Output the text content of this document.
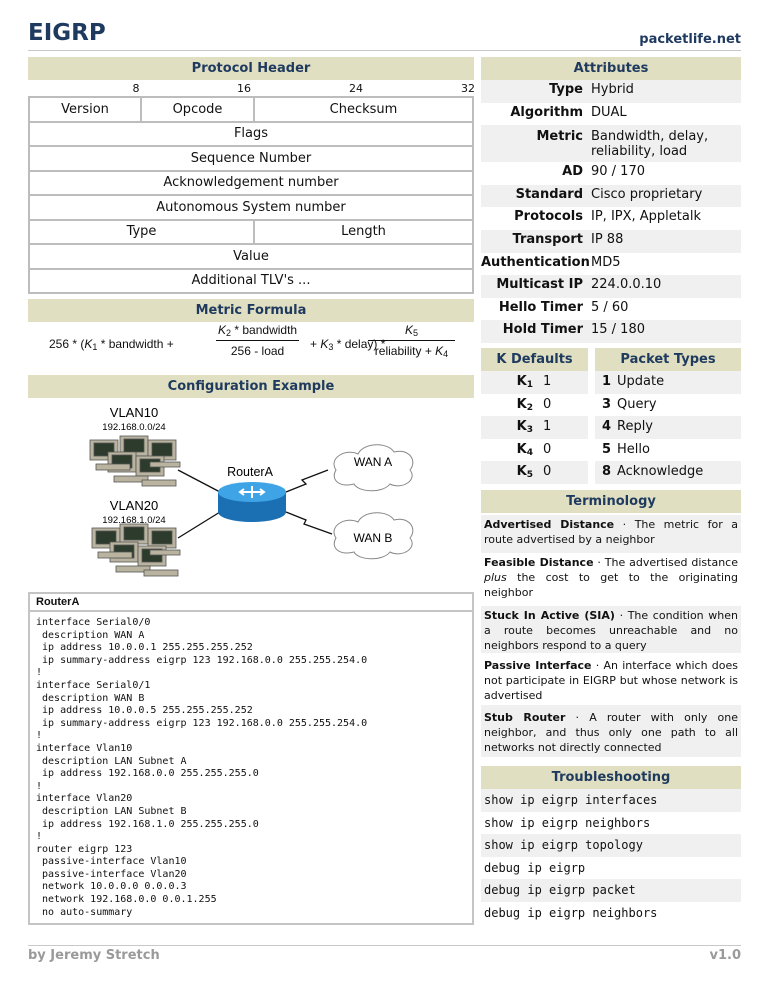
EIGRP	packetlife.net
Protocol Header
8	16	24	32
Version	Opcode	Checksum
Flags		
Sequence Number		
Acknowledgement number		
Autonomous System number		
Type		Length
Value		
Additional TLV's ...		
Metric Formula
$256 * (K_1$ * bandwidth +
$K_2$ * bandwidth
256 - load	+ $K_3$ * delay) *
$K_5$
reliability + $K_4$
Configuration Example
VLAN10
192.168.0.0/24
VLAN20
192.168.1.0/24
RouterA
WAN A
WAN B
RouterA
interface Serial0/0
description WAN A
ip address 10.0.0.1 255.255.255.252
ip summary-address eigrp 123 192.168.0.0 255.255.254.0
!
interface Serial0/1
description WAN B
ip address 10.0.0.5 255.255.255.252
ip summary-address eigrp 123 192.168.0.0 255.255.254.0
!
interface Vlan10
description LAN Subnet A
ip address 192.168.0.0 255.255.255.0
!
interface Vlan20
description LAN Subnet B
ip address 192.168.1.0 255.255.255.0
!
router eigrp 123
passive-interface Vlan10
passive-interface Vlan20
network 10.0.0.0 0.0.0.3
network 192.168.0.0 0.0.1.255
no auto-summary
Attributes
Type Hybrid
Algorithm DUAL
Metric Bandwidth, delay, reliability, load
AD 90 / 170
Standard Cisco proprietary
Protocols IP, IPX, Appletalk
Transport IP 88
Authentication MD5
Multicast IP 224.0.0.10
Hello Timer 5 / 60
Hold Timer 15 / 180
K Defaults
$K_1$ 1
$K_2$ 0
$K_3$ 1
$K_4$ 0
$K_5$ 0
Packet Types
1 Update
3 Query
4 Reply
5 Hello
8 Acknowledge
Terminology
Advertised Distance · The metric for a route advertised by a neighbor
Feasible Distance · The advertised distance plus the cost to get to the originating neighbor
Stuck In Active (SIA) · The condition when a route becomes unreachable and no neighbors respond to a query
Passive Interface · An interface which does not participate in EIGRP but whose network is advertised
Stub Router · A router with only one neighbor, and thus only one path to all networks not directly connected
Troubleshooting
show ip eigrp interfaces
show ip eigrp neighbors
show ip eigrp topology
debug ip eigrp
debug ip eigrp packet
debug ip eigrp neighbors
by Jeremy Stretch	v1.0
